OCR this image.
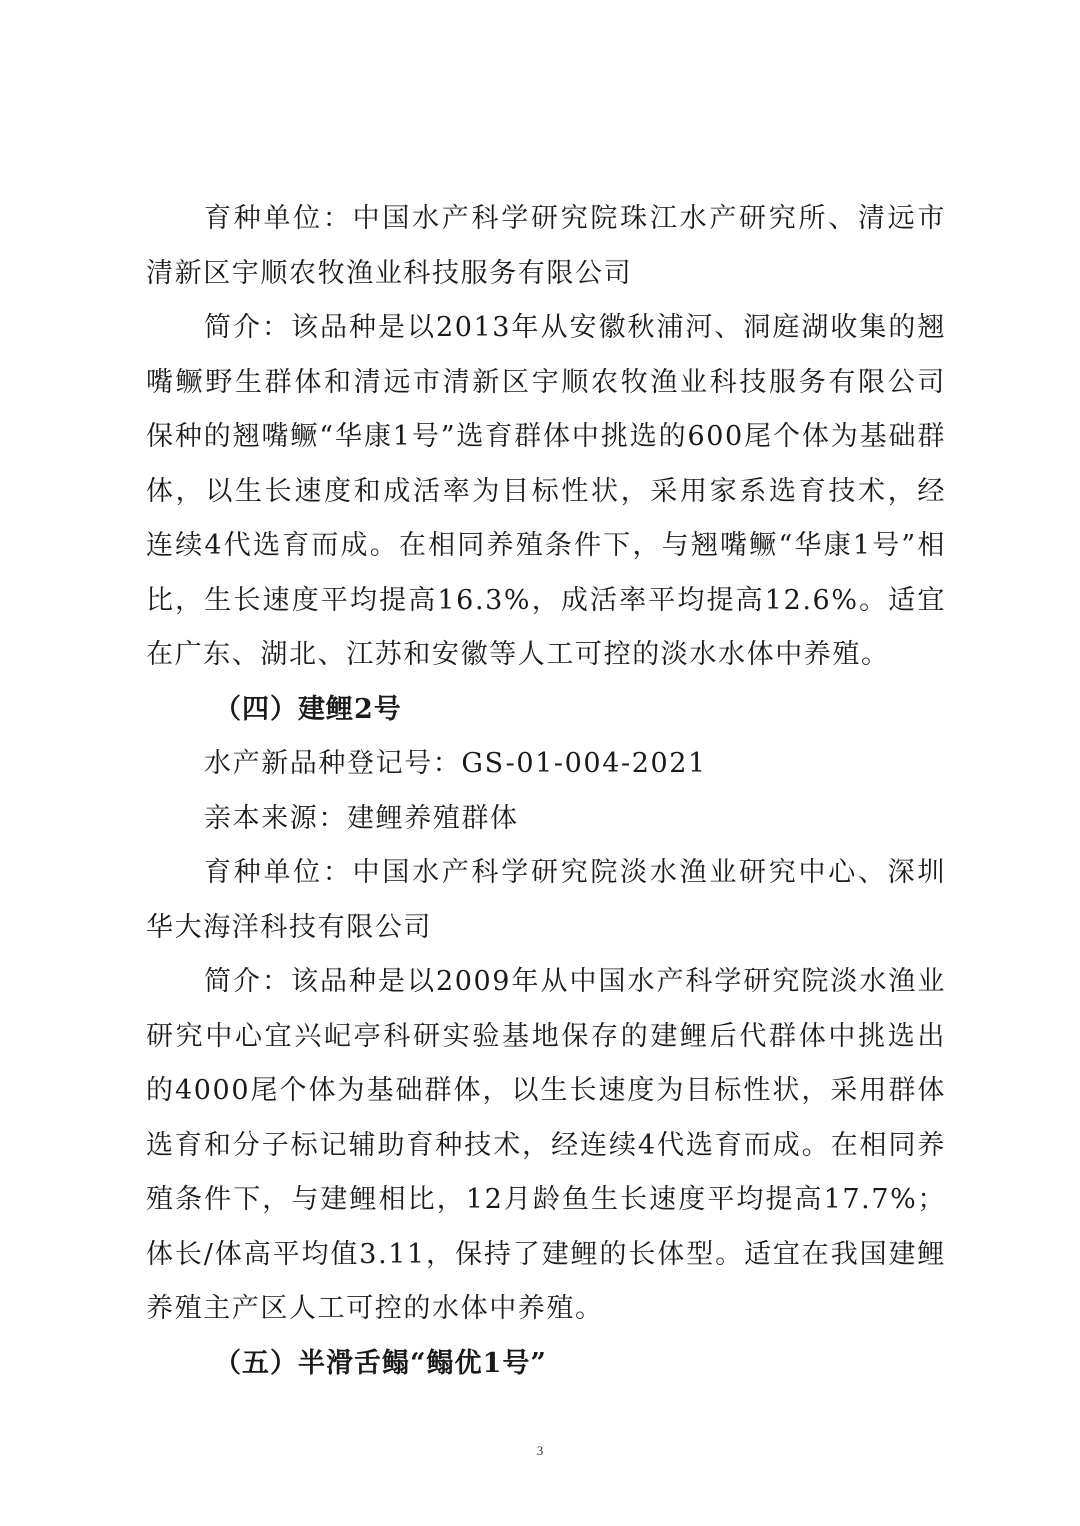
育种单位：中国水产科学研究院珠江水产研究所、清远市清新区宇顺农牧渔业科技服务有限公司

简介：该品种是以2013年从安徽秋浦河、洞庭湖收集的翘嘴鳜野生群体和清远市清新区宇顺农牧渔业科技服务有限公司保种的翘嘴鳜“华康1号”选育群体中挑选的600尾个体为基础群体，以生长速度和成活率为目标性状，采用家系选育技术，经连续4代选育而成。在相同养殖条件下，与翘嘴鳜“华康1号”相比，生长速度平均提高16.3%，成活率平均提高12.6%。适宜在广东、湖北、江苏和安徽等人工可控的淡水水体中养殖。

（四）建鲤2号

水产新品种登记号：GS-01-004-2021

亲本来源：建鲤养殖群体

育种单位：中国水产科学研究院淡水渔业研究中心、深圳华大海洋科技有限公司

简介：该品种是以2009年从中国水产科学研究院淡水渔业研究中心宜兴屺亭科研实验基地保存的建鲤后代群体中挑选出的4000尾个体为基础群体，以生长速度为目标性状，采用群体选育和分子标记辅助育种技术，经连续4代选育而成。在相同养殖条件下，与建鲤相比，12月龄鱼生长速度平均提高17.7%；体长/体高平均值3.11，保持了建鲤的长体型。适宜在我国建鲤养殖主产区人工可控的水体中养殖。

（五）半滑舌鳎“鳎优1号”

3
